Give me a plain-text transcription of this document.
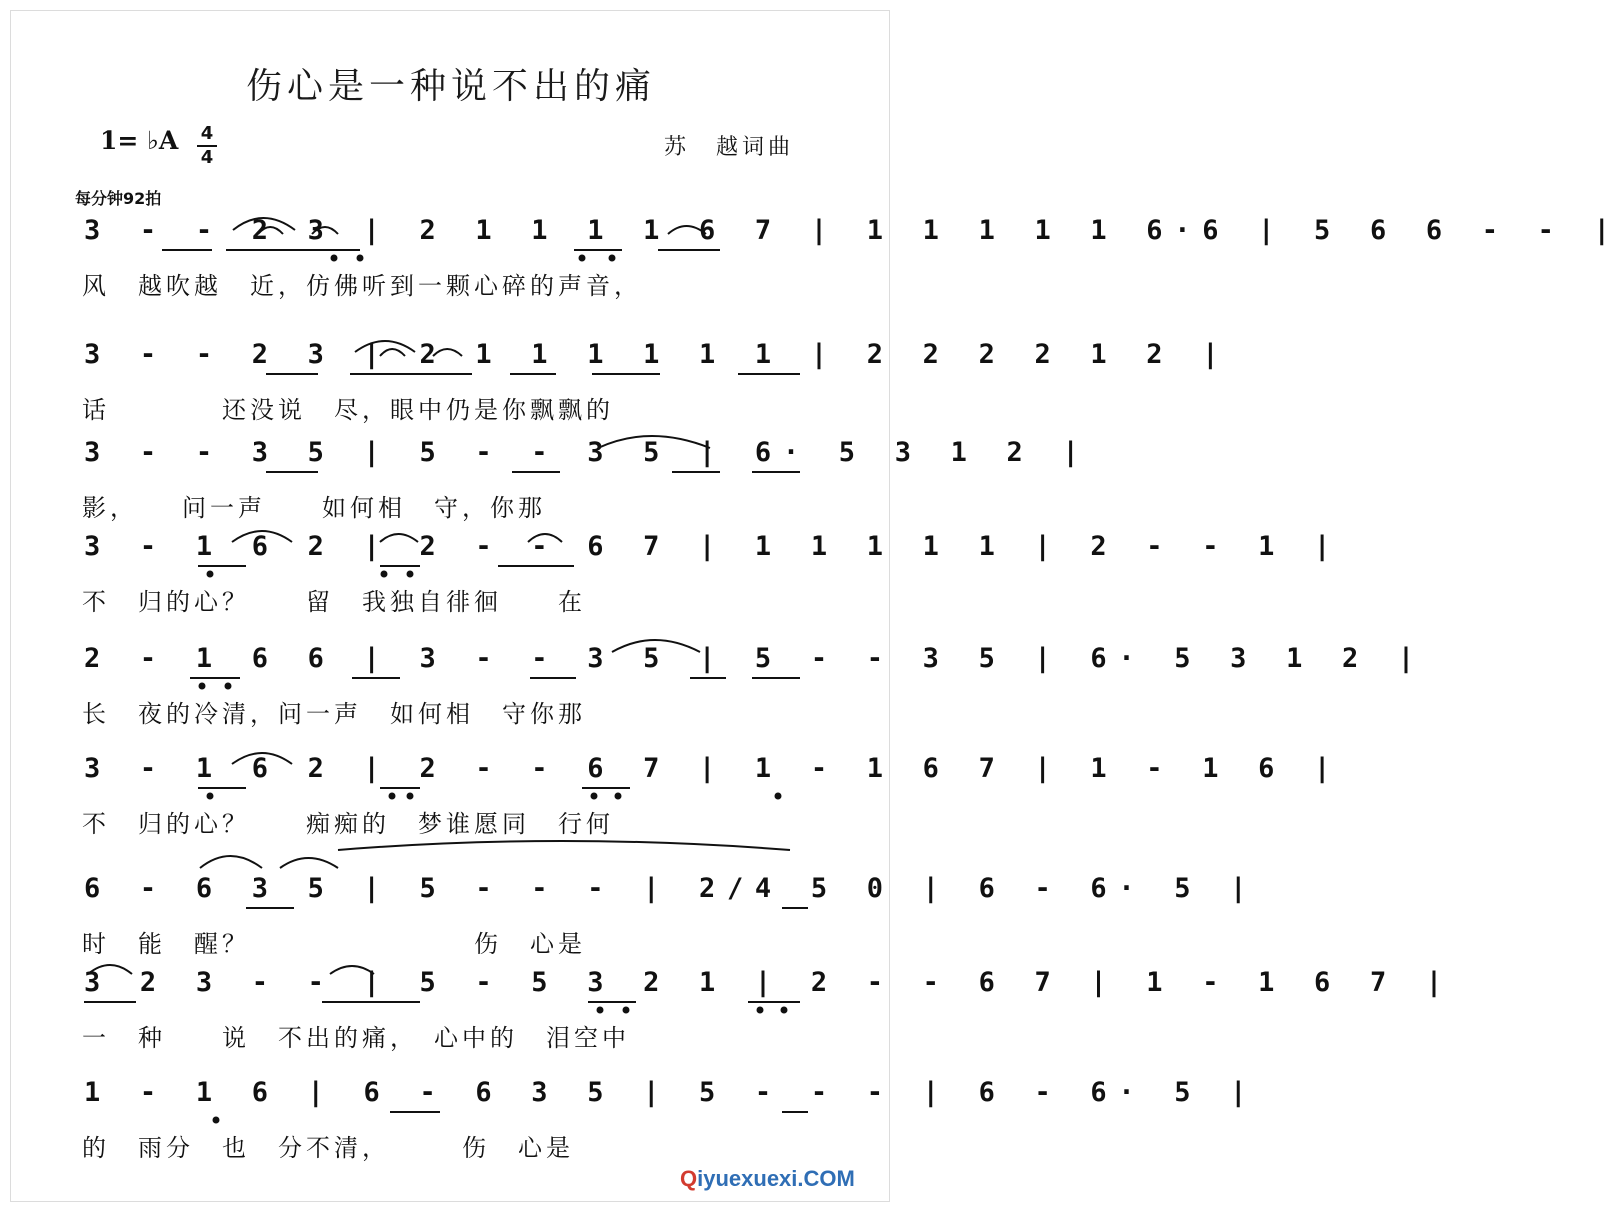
伤心是一种说不出的痛
1= ♭A 4
4	苏　越词曲
每分钟92拍
3 - - 2 3 | 2 1 1 1 1 6 7 | 1 1 1 1 1 6·6 | 5 6 6 - - |
风　越吹越　近，仿佛听到一颗心碎的声音，
3 - - 2 3 | 2 1 1 1 1 1 1 | 2 2 2 2 1 2 |
话　　　　还没说　尽，眼中仍是你飘飘的
3 - - 3 5 | 5 - - 3 5 | 6· 5 3 1 2 |
影，　　问一声　　如何相　守，你那
3 - 1 6 2 | 2 - - 6 7 | 1 1 1 1 1 | 2 - - 1 |
不　归的心？　　留　我独自徘徊　　在
2 - 1 6 6 | 3 - - 3 5 | 5 - - 3 5 | 6· 5 3 1 2 |
长　夜的冷清，问一声　如何相　守你那
3 - 1 6 2 | 2 - - 6 7 | 1 - 1 6 7 | 1 - 1 6 |
不　归的心？　　痴痴的　梦谁愿同　行何
6 - 6 3 5 | 5 - - - | 2/4 5 0 | 6 - 6· 5 |
时　能　醒？　　　　　　　　伤　心是
3 2 3 - - | 5 - 5 3 2 1 | 2 - - 6 7 | 1 - 1 6 7 |
一　种　　说　不出的痛，　心中的　泪空中
1 - 1 6 | 6 - 6 3 5 | 5 - - - | 6 - 6· 5 |
的　雨分　也　分不清，　　　伤　心是
Qiyuexuexi.COM
